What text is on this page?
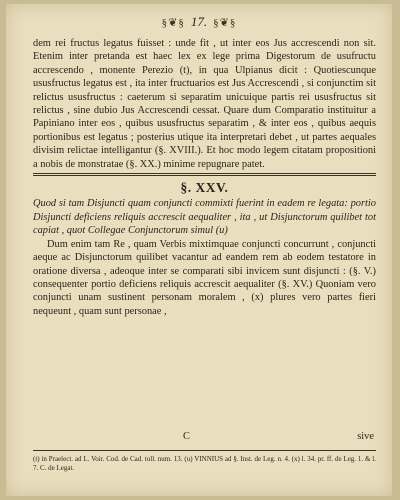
§❦§ 17. §❦§

dem rei fructus legatus fuisset : unde fit , ut inter eos Jus accrescendi non sit. Etenim inter pretanda est haec lex ex lege prima Digestorum de usufructu accrescendo , monente Perezio (t), in qua Ulpianus dicit : Quotiescunque ususfructus legatus est , ita inter fructuarios est Jus Accrescendi , si conjunctim sit relictus ususfructus : caeterum si separatim unicuique partis rei ususfructus sit relictus , sine dubio Jus Accrescendi cessat. Quare dum Comparatio instituitur a Papiniano inter eos , quibus ususfructus separatim , & inter eos , quibus aequis portionibus est legatus ; posterius utique ita interpretari debet , ut partes aequales divisim relictae intelligantur (§. XVIII.). Et hoc modo legem citatam propositioni a nobis de monstratae (§. XX.) minime repugnare patet.

§. XXV.

Quod si tam Disjuncti quam conjuncti commixti fuerint in eadem re legata: portio Disjuncti deficiens reliquis accrescit aequaliter , ita , ut Disjunctorum quilibet tot capiat , quot Collegae Conjunctorum simul (u)

Dum enim tam Re , quam Verbis mixtimquae conjuncti concurrunt , conjuncti aeque ac Disjunctorum quilibet vacantur ad eandem rem ab eodem testatore in oratione diversa , adeoque inter se comparati sibi invicem sunt disjuncti : (§. V.) consequenter portio deficiens reliquis accrescit aequaliter (§. XV.) Quoniam vero conjuncti unam sustinent personam moralem , (x) plures vero partes fieri nequeunt , quam sunt personae ,

C	sive

(t) in Praelect. ad L. Voir. Cod. de Cad. toll. num. 13. (u) VINNIUS ad §. Inst. de Leg. n. 4. (x) l. 34. pr. ff. de Leg. 1. & l. 7. C. de Legat.
